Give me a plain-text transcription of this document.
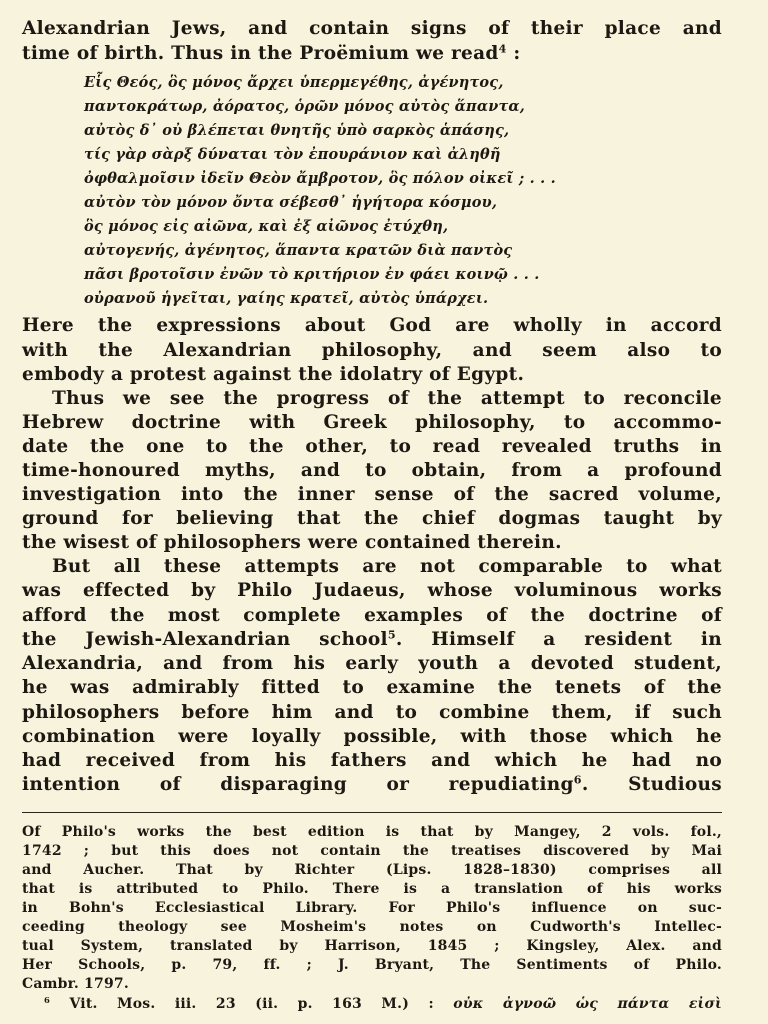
Alexandrian Jews, and contain signs of their place and
time of birth. Thus in the Proëmium we read$^4$ :
Εἷς Θεός, ὃς μόνος ἄρχει ὑπερμεγέθης, ἀγένητος,
παντοκράτωρ, ἀόρατος, ὁρῶν μόνος αὐτὸς ἅπαντα,
αὐτὸς δ᾽ οὐ βλέπεται θνητῆς ὑπὸ σαρκὸς ἁπάσης,
τίς γὰρ σὰρξ δύναται τὸν ἐπουράνιον καὶ ἀληθῆ
ὀφθαλμοῖσιν ἰδεῖν Θεὸν ἄμβροτον, ὃς πόλον οἰκεῖ ; . . .
αὐτὸν τὸν μόνον ὄντα σέβεσθ᾽ ἡγήτορα κόσμου,
ὃς μόνος εἰς αἰῶνα, καὶ ἐξ αἰῶνος ἐτύχθη,
αὐτογενής, ἀγένητος, ἅπαντα κρατῶν διὰ παντὸς
πᾶσι βροτοῖσιν ἐνῶν τὸ κριτήριον ἐν φάει κοινῷ . . .
οὐρανοῦ ἡγεῖται, γαίης κρατεῖ, αὐτὸς ὑπάρχει.
Here the expressions about God are wholly in accord
with the Alexandrian philosophy, and seem also to
embody a protest against the idolatry of Egypt.
Thus we see the progress of the attempt to reconcile
Hebrew doctrine with Greek philosophy, to accommo-
date the one to the other, to read revealed truths in
time-honoured myths, and to obtain, from a profound
investigation into the inner sense of the sacred volume,
ground for believing that the chief dogmas taught by
the wisest of philosophers were contained therein.
But all these attempts are not comparable to what
was effected by Philo Judaeus, whose voluminous works
afford the most complete examples of the doctrine of
the Jewish-Alexandrian school$^5$. Himself a resident in
Alexandria, and from his early youth a devoted student,
he was admirably fitted to examine the tenets of the
philosophers before him and to combine them, if such
combination were loyally possible, with those which he
had received from his fathers and which he had no
intention of disparaging or repudiating$^6$. Studious
Of Philo's works the best edition is that by Mangey, 2 vols. fol.,
1742 ; but this does not contain the treatises discovered by Mai
and Aucher. That by Richter (Lips. 1828–1830) comprises all
that is attributed to Philo. There is a translation of his works
in Bohn's Ecclesiastical Library. For Philo's influence on suc-
ceeding theology see Mosheim's notes on Cudworth's Intellec-
tual System, translated by Harrison, 1845 ; Kingsley, Alex. and
Her Schools, p. 79, ff. ; J. Bryant, The Sentiments of Philo.
Cambr. 1797.
$^6$ Vit. Mos. iii. 23 (ii. p. 163 M.) : οὐκ ἀγνοῶ ὡς πάντα εἰσὶ
